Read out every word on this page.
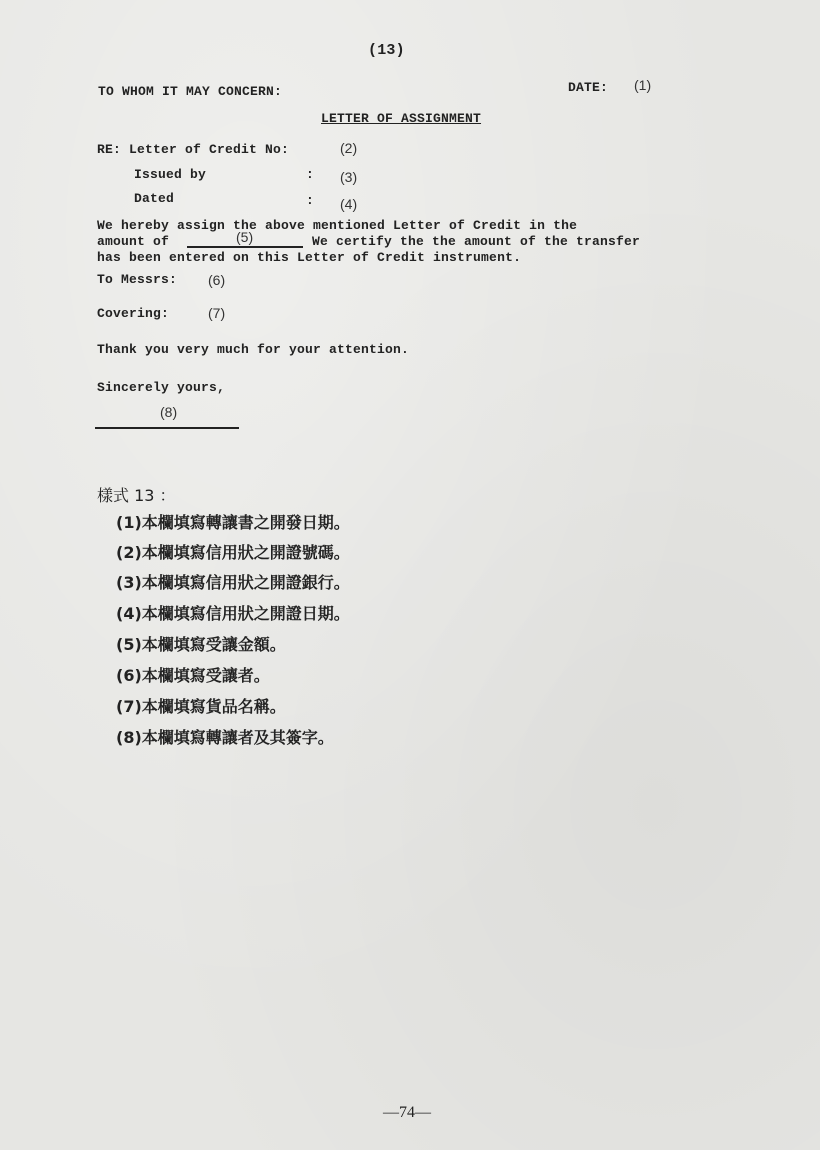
(13)
TO WHOM IT MAY CONCERN:	DATE: (1)
LETTER OF ASSIGNMENT
RE: Letter of Credit No:	(2)
Issued by	: (3)
Dated	: (4)
We hereby assign the above mentioned Letter of Credit in the
amount of	(5)	We certify the the amount of the transfer
has been entered on this Letter of Credit instrument.
To Messrs: (6)
Covering:	(7)
Thank you very much for your attention.
Sincerely yours,
(8)
樣式 13 ：
(1)本欄填寫轉讓書之開發日期。
(2)本欄填寫信用狀之開證號碼。
(3)本欄填寫信用狀之開證銀行。
(4)本欄填寫信用狀之開證日期。
(5)本欄填寫受讓金額。
(6)本欄填寫受讓者。
(7)本欄填寫貨品名稱。
(8)本欄填寫轉讓者及其簽字。
—74—
